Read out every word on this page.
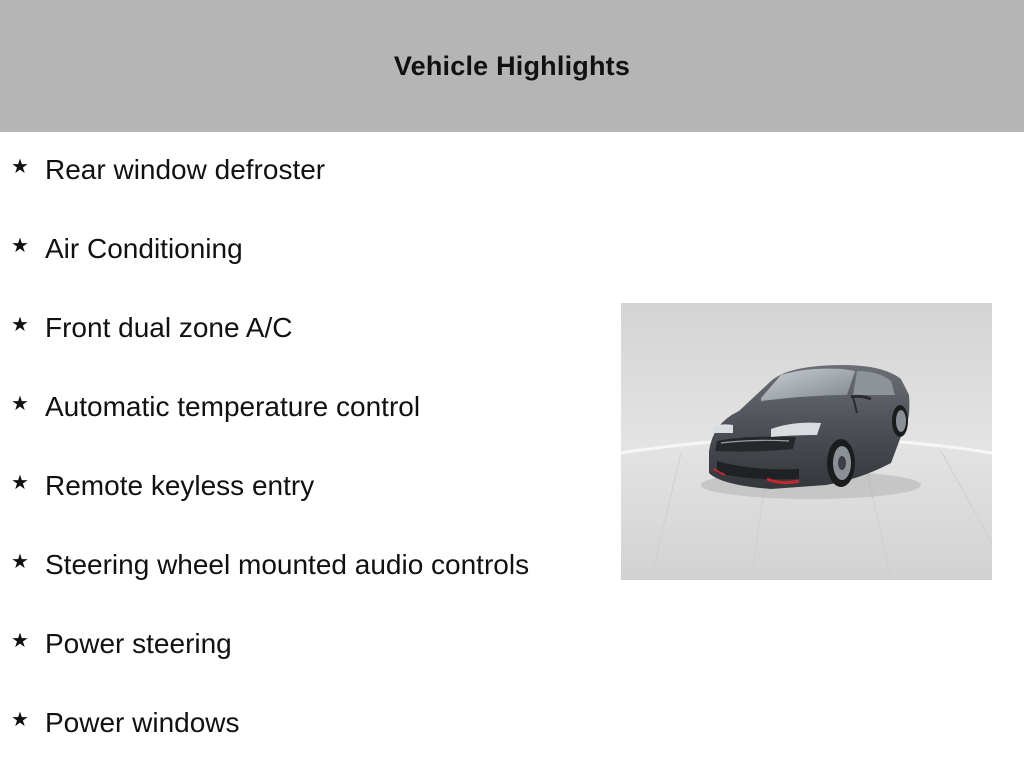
Vehicle Highlights
★ Rear window defroster
★ Air Conditioning
★ Front dual zone A/C
★ Automatic temperature control
★ Remote keyless entry
★ Steering wheel mounted audio controls
★ Power steering
★ Power windows
